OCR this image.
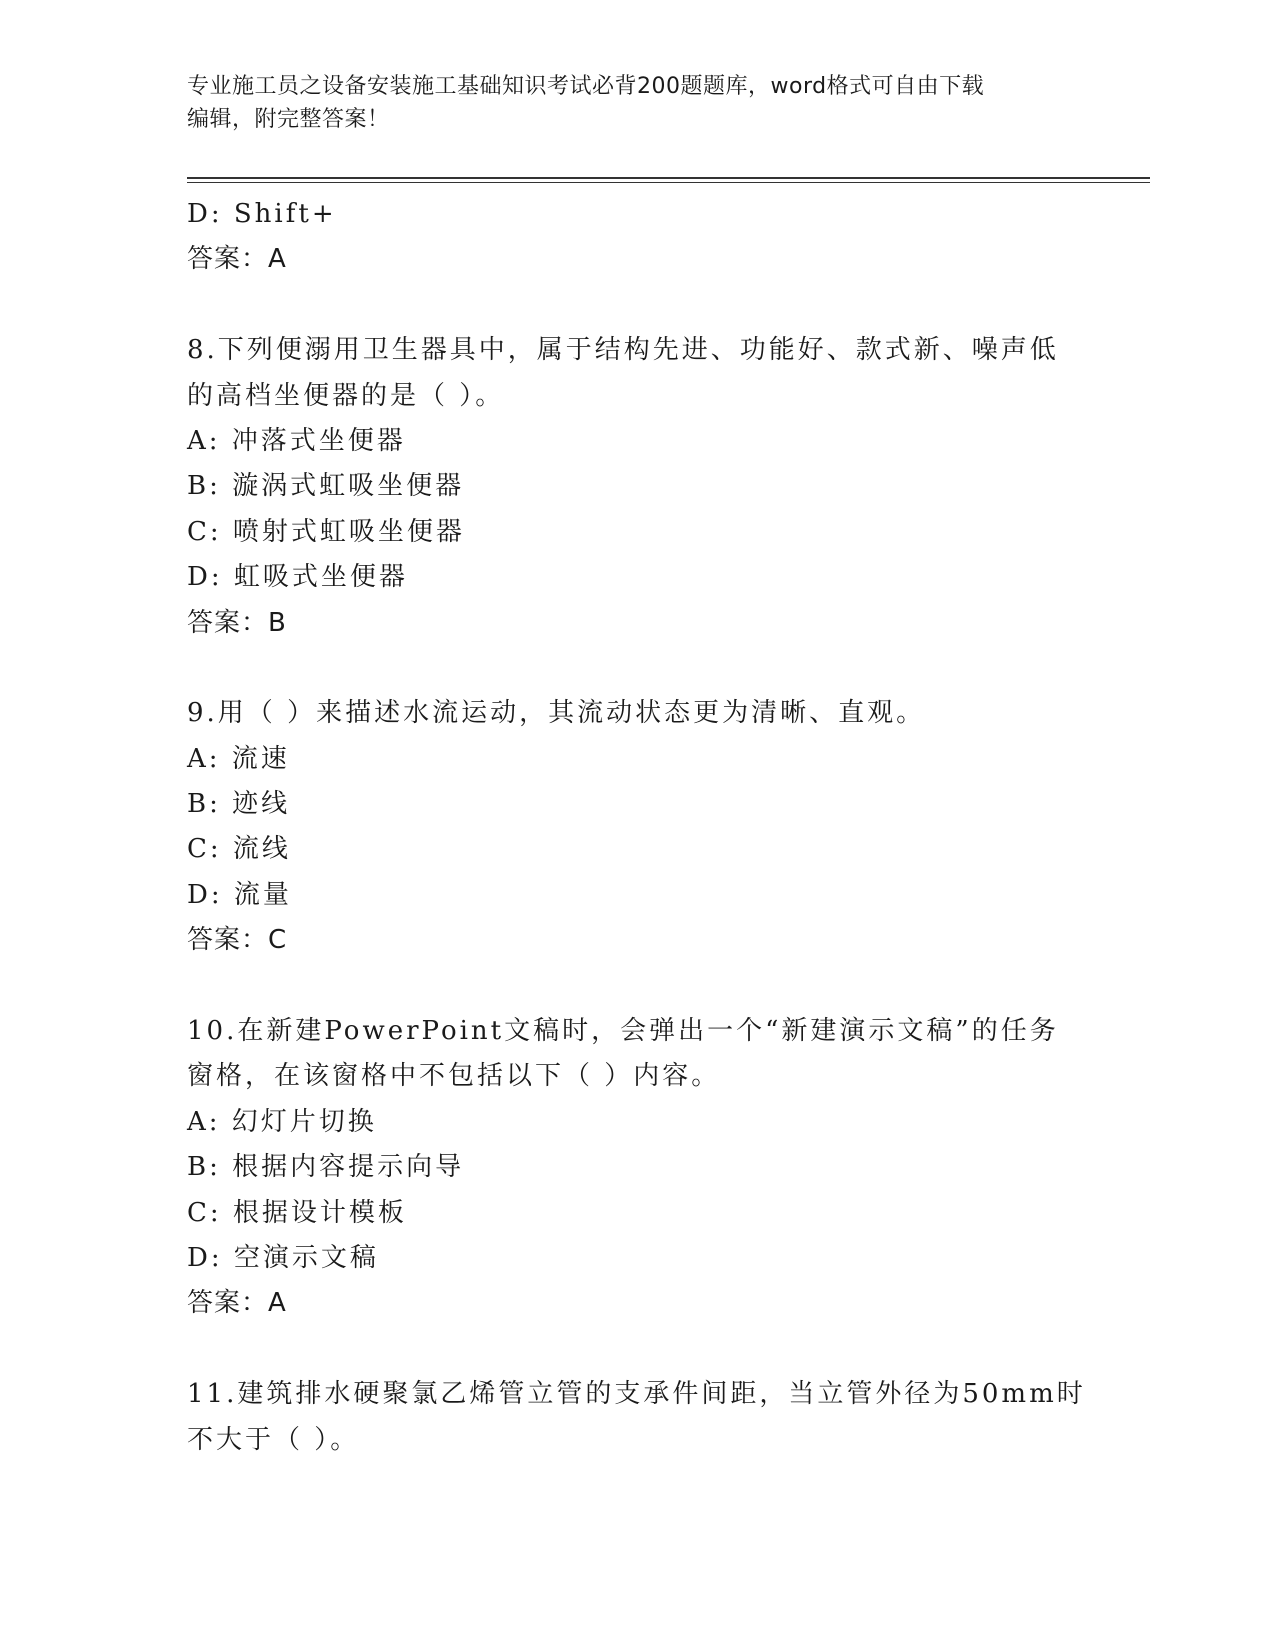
专业施工员之设备安装施工基础知识考试必背200题题库，word格式可自由下载
编辑，附完整答案！
D: Shift+
答案：A
8.下列便溺用卫生器具中，属于结构先进、功能好、款式新、噪声低
的高档坐便器的是（ ）。
A: 冲落式坐便器
B: 漩涡式虹吸坐便器
C: 喷射式虹吸坐便器
D: 虹吸式坐便器
答案：B
9.用（ ）来描述水流运动，其流动状态更为清晰、直观。
A: 流速
B: 迹线
C: 流线
D: 流量
答案：C
10.在新建PowerPoint文稿时，会弹出一个“新建演示文稿”的任务
窗格，在该窗格中不包括以下（ ）内容。
A: 幻灯片切换
B: 根据内容提示向导
C: 根据设计模板
D: 空演示文稿
答案：A
11.建筑排水硬聚氯乙烯管立管的支承件间距，当立管外径为50mm时
不大于（ ）。
